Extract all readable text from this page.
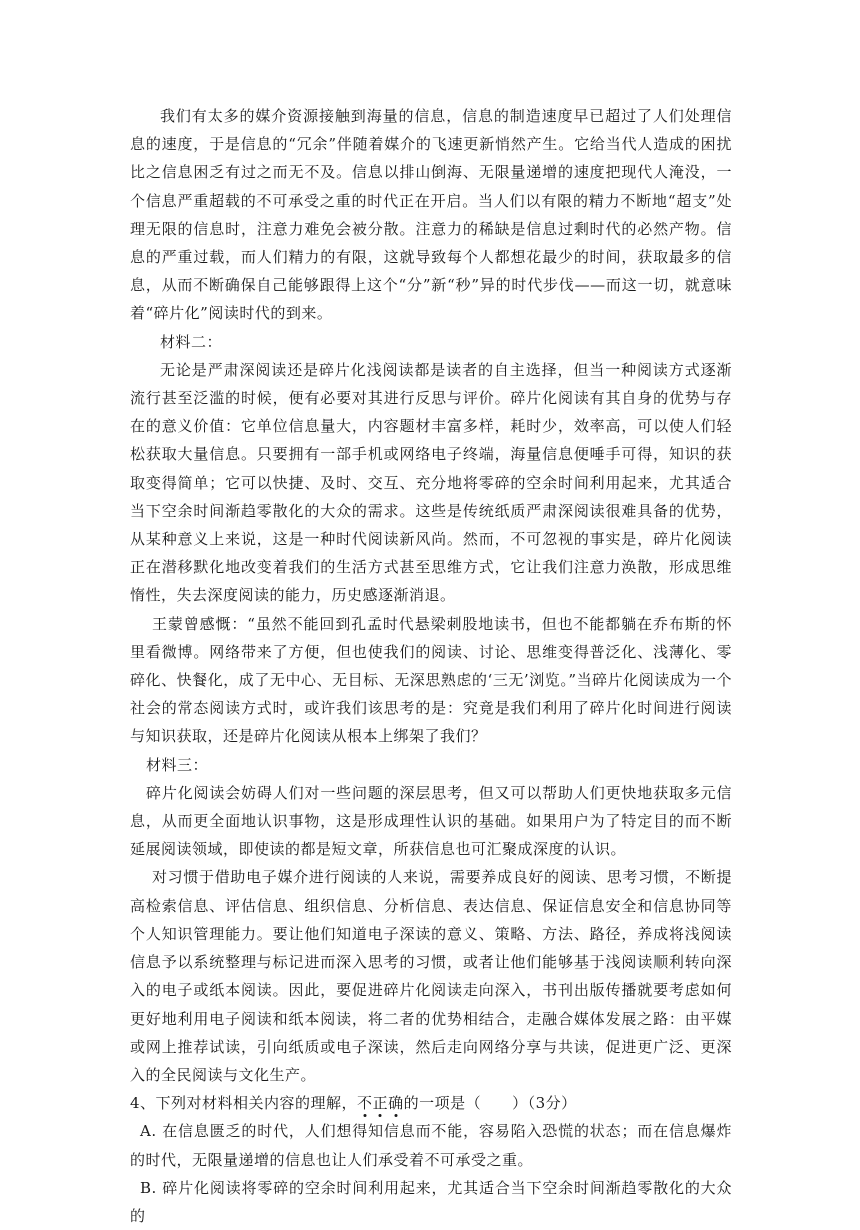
我们有太多的媒介资源接触到海量的信息，信息的制造速度早已超过了人们处理信息的速度，于是信息的“冗余”伴随着媒介的飞速更新悄然产生。它给当代人造成的困扰比之信息困乏有过之而无不及。信息以排山倒海、无限量递增的速度把现代人淹没，一个信息严重超载的不可承受之重的时代正在开启。当人们以有限的精力不断地“超支”处理无限的信息时，注意力难免会被分散。注意力的稀缺是信息过剩时代的必然产物。信息的严重过载，而人们精力的有限，这就导致每个人都想花最少的时间，获取最多的信息，从而不断确保自己能够跟得上这个“分”新“秒”异的时代步伐——而这一切，就意味着“碎片化”阅读时代的到来。

材料二：

无论是严肃深阅读还是碎片化浅阅读都是读者的自主选择，但当一种阅读方式逐渐流行甚至泛滥的时候，便有必要对其进行反思与评价。碎片化阅读有其自身的优势与存在的意义价值：它单位信息量大，内容题材丰富多样，耗时少，效率高，可以使人们轻松获取大量信息。只要拥有一部手机或网络电子终端，海量信息便唾手可得，知识的获取变得简单；它可以快捷、及时、交互、充分地将零碎的空余时间利用起来，尤其适合当下空余时间渐趋零散化的大众的需求。这些是传统纸质严肃深阅读很难具备的优势，从某种意义上来说，这是一种时代阅读新风尚。然而，不可忽视的事实是，碎片化阅读正在潜移默化地改变着我们的生活方式甚至思维方式，它让我们注意力涣散，形成思维惰性，失去深度阅读的能力，历史感逐渐消退。

王蒙曾感慨：“虽然不能回到孔孟时代悬梁刺股地读书，但也不能都躺在乔布斯的怀里看微博。网络带来了方便，但也使我们的阅读、讨论、思维变得普泛化、浅薄化、零碎化、快餐化，成了无中心、无目标、无深思熟虑的‘三无’浏览。”当碎片化阅读成为一个社会的常态阅读方式时，或许我们该思考的是：究竟是我们利用了碎片化时间进行阅读与知识获取，还是碎片化阅读从根本上绑架了我们？

材料三：

碎片化阅读会妨碍人们对一些问题的深层思考，但又可以帮助人们更快地获取多元信息，从而更全面地认识事物，这是形成理性认识的基础。如果用户为了特定目的而不断延展阅读领域，即使读的都是短文章，所获信息也可汇聚成深度的认识。

对习惯于借助电子媒介进行阅读的人来说，需要养成良好的阅读、思考习惯，不断提高检索信息、评估信息、组织信息、分析信息、表达信息、保证信息安全和信息协同等个人知识管理能力。要让他们知道电子深读的意义、策略、方法、路径，养成将浅阅读信息予以系统整理与标记进而深入思考的习惯，或者让他们能够基于浅阅读顺利转向深入的电子或纸本阅读。因此，要促进碎片化阅读走向深入，书刊出版传播就要考虑如何更好地利用电子阅读和纸本阅读，将二者的优势相结合，走融合媒体发展之路：由平媒或网上推荐试读，引向纸质或电子深读，然后走向网络分享与共读，促进更广泛、更深入的全民阅读与文化生产。

4、下列对材料相关内容的理解，不正确的一项是（　　）（3分）

A. 在信息匮乏的时代，人们想得知信息而不能，容易陷入恐慌的状态；而在信息爆炸的时代，无限量递增的信息也让人们承受着不可承受之重。

B. 碎片化阅读将零碎的空余时间利用起来，尤其适合当下空余时间渐趋零散化的大众的
